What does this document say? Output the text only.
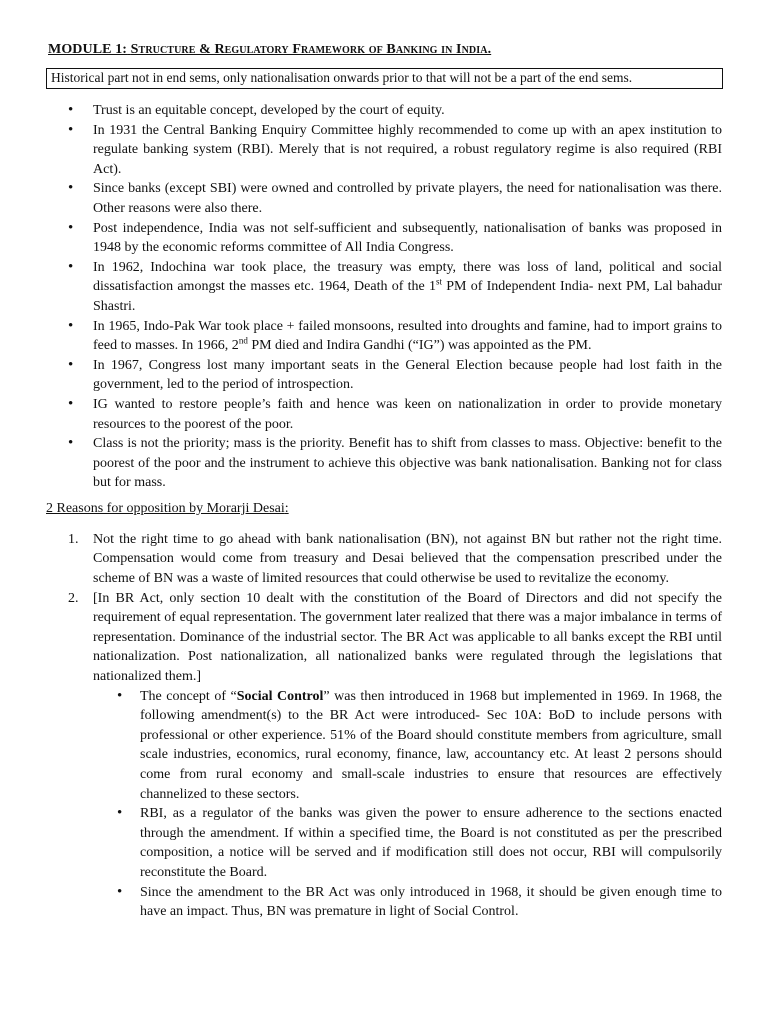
MODULE 1: Structure & Regulatory Framework of Banking in India.
Historical part not in end sems, only nationalisation onwards prior to that will not be a part of the end sems.
• Trust is an equitable concept, developed by the court of equity.
• In 1931 the Central Banking Enquiry Committee highly recommended to come up with an apex institution to regulate banking system (RBI). Merely that is not required, a robust regulatory regime is also required (RBI Act).
• Since banks (except SBI) were owned and controlled by private players, the need for nationalisation was there. Other reasons were also there.
• Post independence, India was not self-sufficient and subsequently, nationalisation of banks was proposed in 1948 by the economic reforms committee of All India Congress.
• In 1962, Indochina war took place, the treasury was empty, there was loss of land, political and social dissatisfaction amongst the masses etc. 1964, Death of the 1st PM of Independent India- next PM, Lal bahadur Shastri.
• In 1965, Indo-Pak War took place + failed monsoons, resulted into droughts and famine, had to import grains to feed to masses. In 1966, 2nd PM died and Indira Gandhi (“IG”) was appointed as the PM.
• In 1967, Congress lost many important seats in the General Election because people had lost faith in the government, led to the period of introspection.
• IG wanted to restore people’s faith and hence was keen on nationalization in order to provide monetary resources to the poorest of the poor.
• Class is not the priority; mass is the priority. Benefit has to shift from classes to mass. Objective: benefit to the poorest of the poor and the instrument to achieve this objective was bank nationalisation. Banking not for class but for mass.
2 Reasons for opposition by Morarji Desai:
1. Not the right time to go ahead with bank nationalisation (BN), not against BN but rather not the right time. Compensation would come from treasury and Desai believed that the compensation prescribed under the scheme of BN was a waste of limited resources that could otherwise be used to revitalize the economy.
2. [In BR Act, only section 10 dealt with the constitution of the Board of Directors and did not specify the requirement of equal representation. The government later realized that there was a major imbalance in terms of representation. Dominance of the industrial sector. The BR Act was applicable to all banks except the RBI until nationalization. Post nationalization, all nationalized banks were regulated through the legislations that nationalized them.]
• The concept of “Social Control” was then introduced in 1968 but implemented in 1969. In 1968, the following amendment(s) to the BR Act were introduced- Sec 10A: BoD to include persons with professional or other experience. 51% of the Board should constitute members from agriculture, small scale industries, economics, rural economy, finance, law, accountancy etc. At least 2 persons should come from rural economy and small-scale industries to ensure that resources are effectively channelized to these sectors.
• RBI, as a regulator of the banks was given the power to ensure adherence to the sections enacted through the amendment. If within a specified time, the Board is not constituted as per the prescribed composition, a notice will be served and if modification still does not occur, RBI will compulsorily reconstitute the Board.
• Since the amendment to the BR Act was only introduced in 1968, it should be given enough time to have an impact. Thus, BN was premature in light of Social Control.
